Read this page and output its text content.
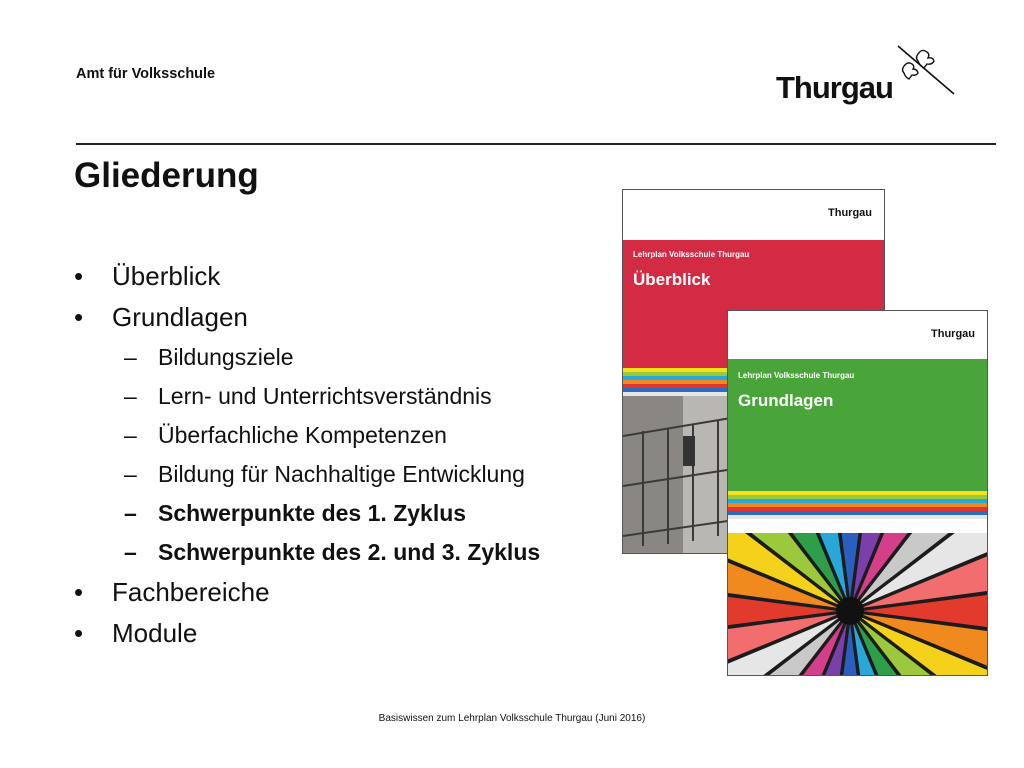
Amt für Volksschule	Thurgau
Gliederung
• Überblick
• Grundlagen
– Bildungsziele
– Lern- und Unterrichtsverständnis
– Überfachliche Kompetenzen
– Bildung für Nachhaltige Entwicklung
– Schwerpunkte des 1. Zyklus
– Schwerpunkte des 2. und 3. Zyklus
• Fachbereiche
• Module
Thurgau
Lehrplan Volksschule Thurgau
Überblick
Thurgau
Lehrplan Volksschule Thurgau
Grundlagen
Basiswissen zum Lehrplan Volksschule Thurgau (Juni 2016)
